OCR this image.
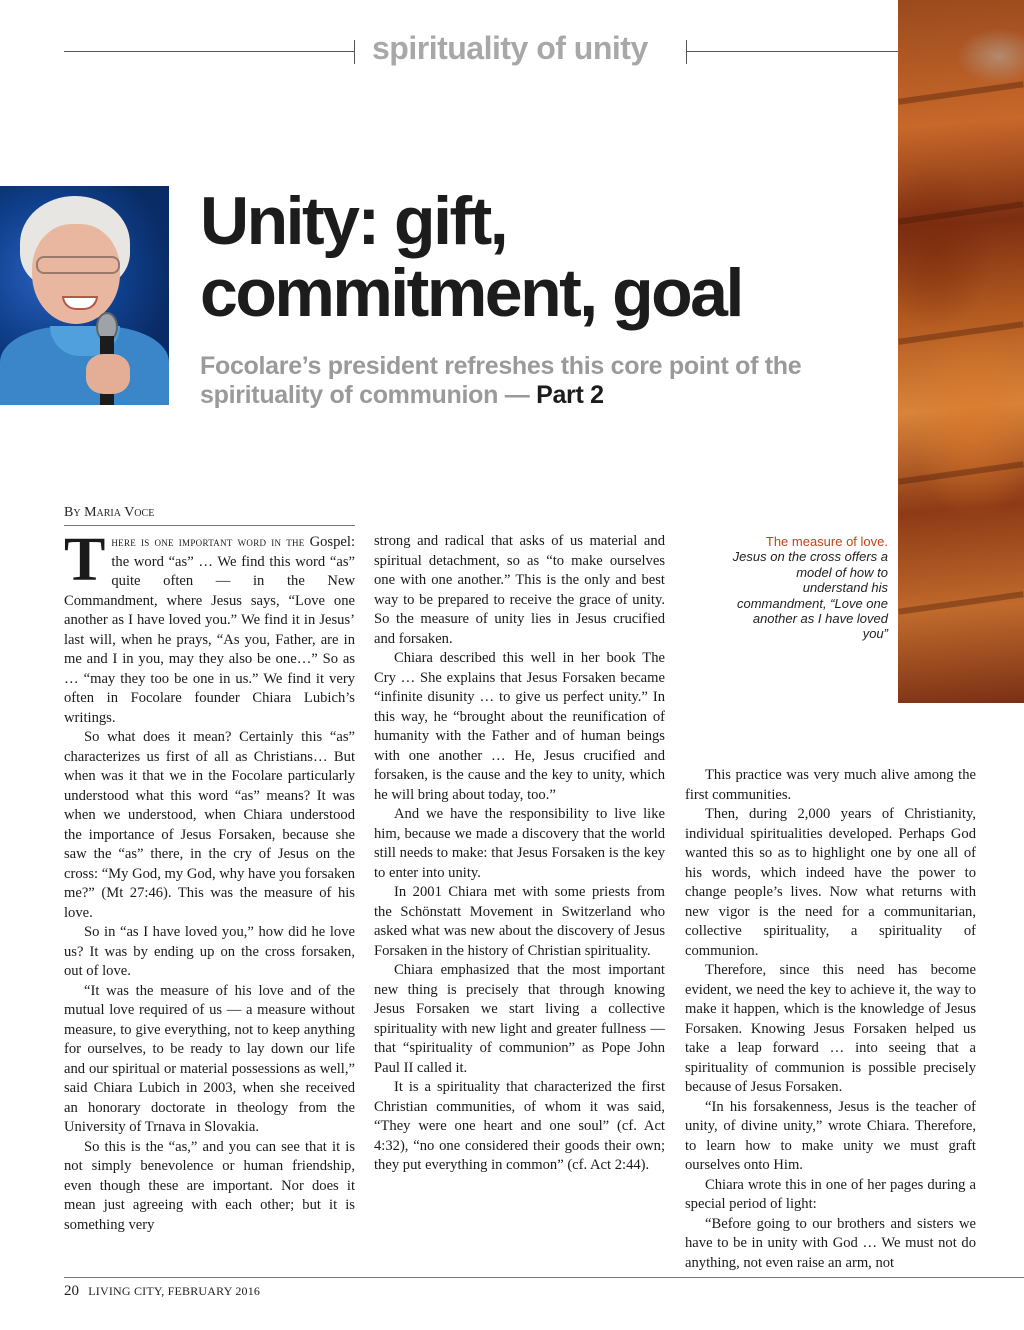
spirituality of unity
Unity: gift,
commitment, goal
Focolare’s president refreshes this core point of the spirituality of communion — Part 2
By Maria Voce

There is one important word in the Gospel: the word “as” … We find this word “as” quite often — in the New Commandment, where Jesus says, “Love one another as I have loved you.” We find it in Jesus’ last will, when he prays, “As you, Father, are in me and I in you, may they also be one…” So as … “may they too be one in us.” We find it very often in Focolare founder Chiara Lubich’s writings.

So what does it mean? Certainly this “as” characterizes us first of all as Christians… But when was it that we in the Focolare particularly understood what this word “as” means? It was when we understood, when Chiara understood the importance of Jesus Forsaken, because she saw the “as” there, in the cry of Jesus on the cross: “My God, my God, why have you forsaken me?” (Mt 27:46). This was the measure of his love.

So in “as I have loved you,” how did he love us? It was by ending up on the cross forsaken, out of love.

“It was the measure of his love and of the mutual love required of us — a measure without measure, to give everything, not to keep anything for ourselves, to be ready to lay down our life and our spiritual or material possessions as well,” said Chiara Lubich in 2003, when she received an honorary doctorate in theology from the University of Trnava in Slovakia.

So this is the “as,” and you can see that it is not simply benevolence or human friendship, even though these are important. Nor does it mean just agreeing with each other; but it is something very

strong and radical that asks of us material and spiritual detachment, so as “to make ourselves one with one another.” This is the only and best way to be prepared to receive the grace of unity. So the measure of unity lies in Jesus crucified and forsaken.

Chiara described this well in her book The Cry … She explains that Jesus Forsaken became “infinite disunity … to give us perfect unity.” In this way, he “brought about the reunification of humanity with the Father and of human beings with one another … He, Jesus crucified and forsaken, is the cause and the key to unity, which he will bring about today, too.”

And we have the responsibility to live like him, because we made a discovery that the world still needs to make: that Jesus Forsaken is the key to enter into unity.

In 2001 Chiara met with some priests from the Schönstatt Movement in Switzerland who asked what was new about the discovery of Jesus Forsaken in the history of Christian spirituality.

Chiara emphasized that the most important new thing is precisely that through knowing Jesus Forsaken we start living a collective spirituality with new light and greater fullness — that “spirituality of communion” as Pope John Paul II called it.

It is a spirituality that characterized the first Christian communities, of whom it was said, “They were one heart and one soul” (cf. Act 4:32), “no one considered their goods their own; they put everything in common” (cf. Act 2:44).

The measure of love.
Jesus on the cross offers a model of how to understand his commandment, “Love one another as I have loved you”

This practice was very much alive among the first communities.

Then, during 2,000 years of Christianity, individual spiritualities developed. Perhaps God wanted this so as to highlight one by one all of his words, which indeed have the power to change people’s lives. Now what returns with new vigor is the need for a communitarian, collective spirituality, a spirituality of communion.

Therefore, since this need has become evident, we need the key to achieve it, the way to make it happen, which is the knowledge of Jesus Forsaken. Knowing Jesus Forsaken helped us take a leap forward … into seeing that a spirituality of communion is possible precisely because of Jesus Forsaken.

“In his forsakenness, Jesus is the teacher of unity, of divine unity,” wrote Chiara. Therefore, to learn how to make unity we must graft ourselves onto Him.

Chiara wrote this in one of her pages during a special period of light:

“Before going to our brothers and sisters we have to be in unity with God … We must not do anything, not even raise an arm, not

20 LIVING CITY, FEBRUARY 2016
